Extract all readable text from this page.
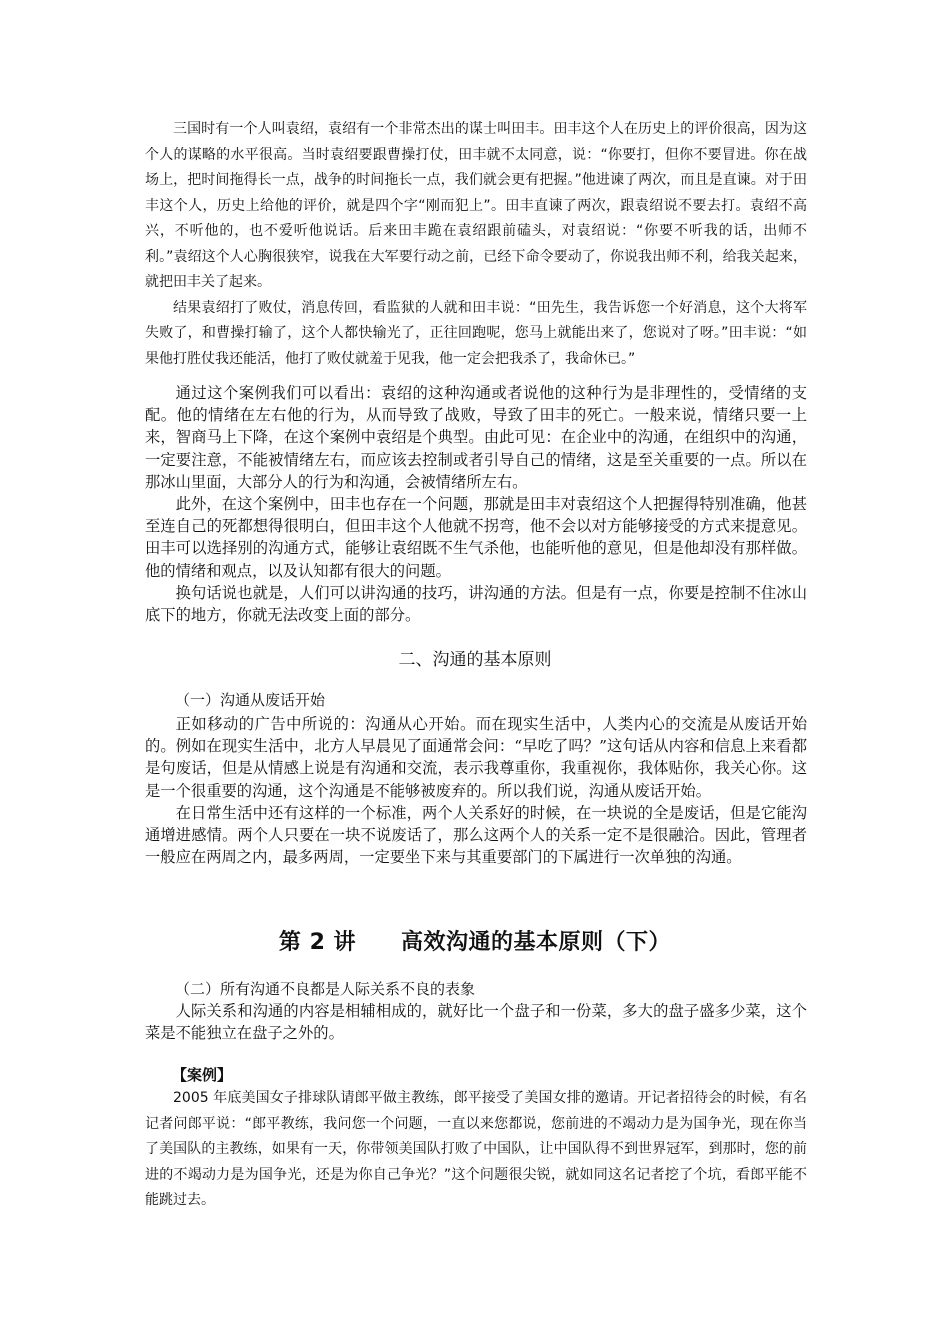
三国时有一个人叫袁绍，袁绍有一个非常杰出的谋士叫田丰。田丰这个人在历史上的评价很高，因为这个人的谋略的水平很高。当时袁绍要跟曹操打仗，田丰就不太同意，说：“你要打，但你不要冒进。你在战场上，把时间拖得长一点，战争的时间拖长一点，我们就会更有把握。”他进谏了两次，而且是直谏。对于田丰这个人，历史上给他的评价，就是四个字“刚而犯上”。田丰直谏了两次，跟袁绍说不要去打。袁绍不高兴，不听他的，也不爱听他说话。后来田丰跪在袁绍跟前磕头，对袁绍说：“你要不听我的话，出师不利。”袁绍这个人心胸很狭窄，说我在大军要行动之前，已经下命令要动了，你说我出师不利，给我关起来，就把田丰关了起来。

结果袁绍打了败仗，消息传回，看监狱的人就和田丰说：“田先生，我告诉您一个好消息，这个大将军失败了，和曹操打输了，这个人都快输光了，正往回跑呢，您马上就能出来了，您说对了呀。”田丰说：“如果他打胜仗我还能活，他打了败仗就羞于见我，他一定会把我杀了，我命休已。”

通过这个案例我们可以看出：袁绍的这种沟通或者说他的这种行为是非理性的，受情绪的支配。他的情绪在左右他的行为，从而导致了战败，导致了田丰的死亡。一般来说，情绪只要一上来，智商马上下降，在这个案例中袁绍是个典型。由此可见：在企业中的沟通，在组织中的沟通，一定要注意，不能被情绪左右，而应该去控制或者引导自己的情绪，这是至关重要的一点。所以在那冰山里面，大部分人的行为和沟通，会被情绪所左右。

此外，在这个案例中，田丰也存在一个问题，那就是田丰对袁绍这个人把握得特别准确，他甚至连自己的死都想得很明白，但田丰这个人他就不拐弯，他不会以对方能够接受的方式来提意见。田丰可以选择别的沟通方式，能够让袁绍既不生气杀他，也能听他的意见，但是他却没有那样做。他的情绪和观点，以及认知都有很大的问题。

换句话说也就是，人们可以讲沟通的技巧，讲沟通的方法。但是有一点，你要是控制不住冰山底下的地方，你就无法改变上面的部分。

二、沟通的基本原则
（一）沟通从废话开始

正如移动的广告中所说的：沟通从心开始。而在现实生活中，人类内心的交流是从废话开始的。例如在现实生活中，北方人早晨见了面通常会问：“早吃了吗？”这句话从内容和信息上来看都是句废话，但是从情感上说是有沟通和交流，表示我尊重你，我重视你，我体贴你，我关心你。这是一个很重要的沟通，这个沟通是不能够被废弃的。所以我们说，沟通从废话开始。

在日常生活中还有这样的一个标准，两个人关系好的时候，在一块说的全是废话，但是它能沟通增进感情。两个人只要在一块不说废话了，那么这两个人的关系一定不是很融洽。因此，管理者一般应在两周之内，最多两周，一定要坐下来与其重要部门的下属进行一次单独的沟通。

第 2 讲　　高效沟通的基本原则（下）
（二）所有沟通不良都是人际关系不良的表象

人际关系和沟通的内容是相辅相成的，就好比一个盘子和一份菜，多大的盘子盛多少菜，这个菜是不能独立在盘子之外的。

【案例】

2005 年底美国女子排球队请郎平做主教练，郎平接受了美国女排的邀请。开记者招待会的时候，有名记者问郎平说：“郎平教练，我问您一个问题，一直以来您都说，您前进的不竭动力是为国争光，现在你当了美国队的主教练，如果有一天，你带领美国队打败了中国队，让中国队得不到世界冠军，到那时，您的前进的不竭动力是为国争光，还是为你自己争光？”这个问题很尖锐，就如同这名记者挖了个坑，看郎平能不能跳过去。
